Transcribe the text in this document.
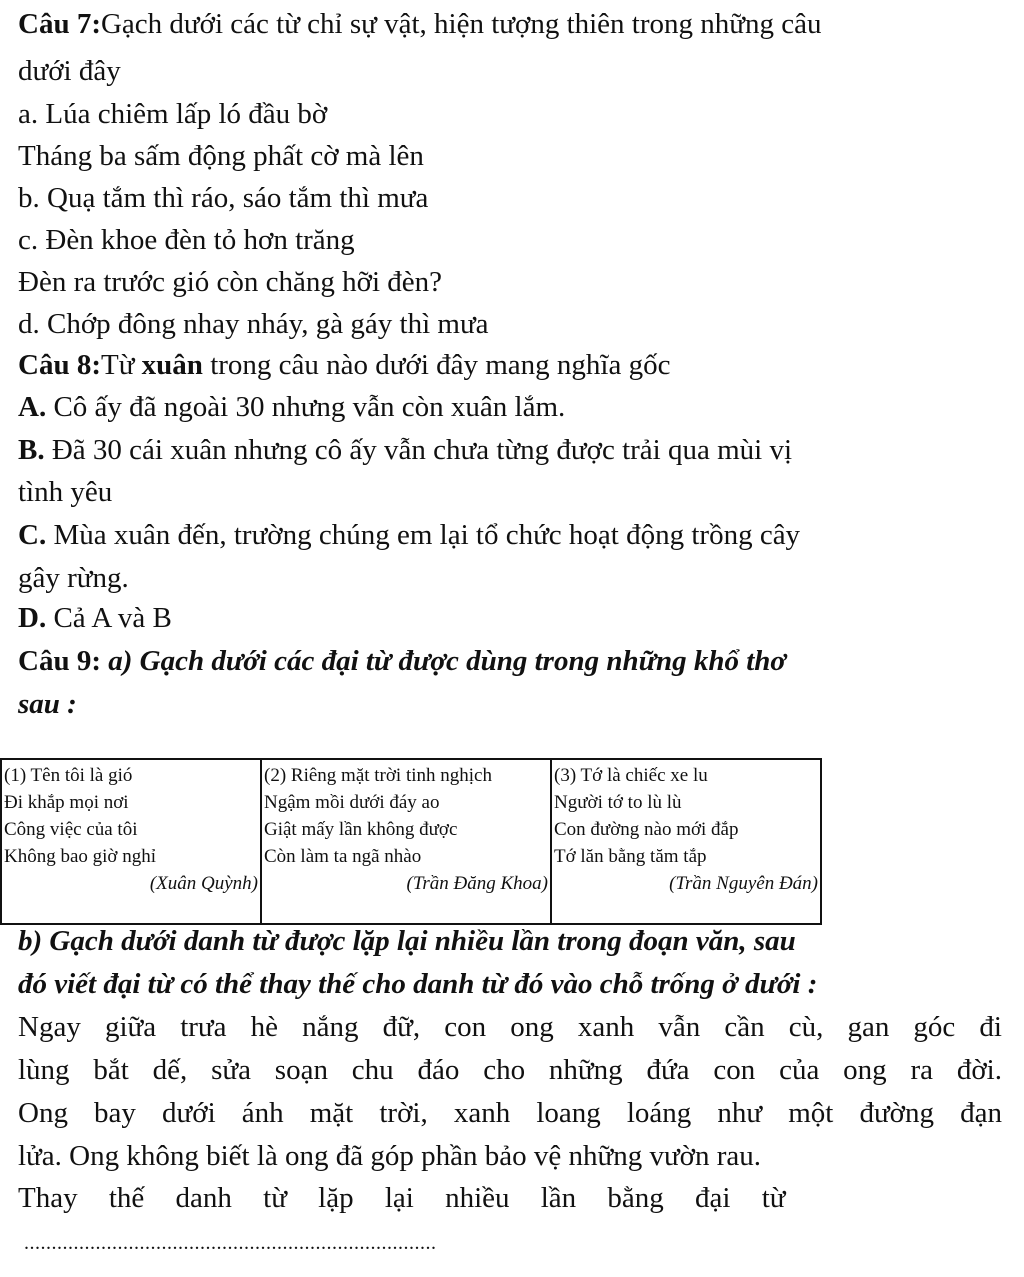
Câu 7:Gạch dưới các từ chỉ sự vật, hiện tượng thiên trong những câu
dưới đây
a. Lúa chiêm lấp ló đầu bờ
Tháng ba sấm động phất cờ mà lên
b. Quạ tắm thì ráo, sáo tắm thì mưa
c. Đèn khoe đèn tỏ hơn trăng
Đèn ra trước gió còn chăng hỡi đèn?
d. Chớp đông nhay nháy, gà gáy thì mưa
Câu 8:Từ xuân trong câu nào dưới đây mang nghĩa gốc
A. Cô ấy đã ngoài 30 nhưng vẫn còn xuân lắm.
B. Đã 30 cái xuân nhưng cô ấy vẫn chưa từng được trải qua mùi vị
tình yêu
C. Mùa xuân đến, trường chúng em lại tổ chức hoạt động trồng cây
gây rừng.
D. Cả A và B
Câu 9: a) Gạch dưới các đại từ được dùng trong những khổ thơ
sau :
(1) Tên tôi là gió
Đi khắp mọi nơi
Công việc của tôi
Không bao giờ nghỉ
(Xuân Quỳnh)

(2) Riêng mặt trời tinh nghịch
Ngậm mồi dưới đáy ao
Giật mấy lần không được
Còn làm ta ngã nhào
(Trần Đăng Khoa)

(3) Tớ là chiếc xe lu
Người tớ to lù lù
Con đường nào mới đắp
Tớ lăn bằng tăm tắp
(Trần Nguyên Đán)
b) Gạch dưới danh từ được lặp lại nhiều lần trong đoạn văn, sau
đó viết đại từ có thể thay thế cho danh từ đó vào chỗ trống ở dưới :
Ngay giữa trưa hè nắng đữ, con ong xanh vẫn cần cù, gan góc đi
lùng bắt dế, sửa soạn chu đáo cho những đứa con của ong ra đời.
Ong bay dưới ánh mặt trời, xanh loang loáng như một đường đạn
lửa. Ong không biết là ong đã góp phần bảo vệ những vườn rau.
Thay thế danh từ lặp lại nhiều lần bằng đại từ
...........................................................................
